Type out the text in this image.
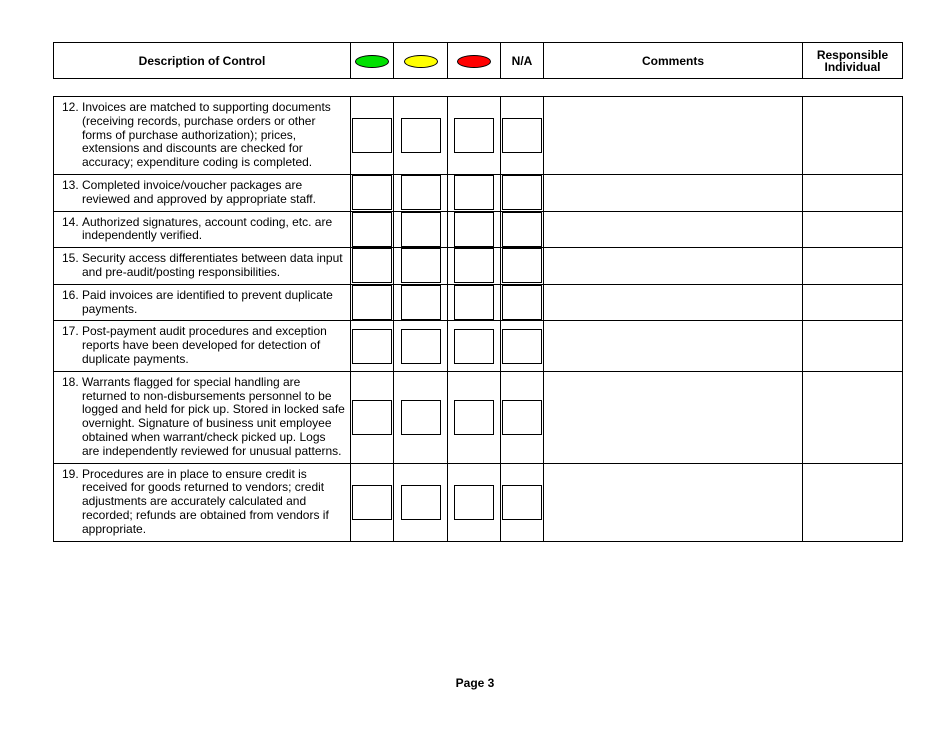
Description of Control				N/A	Comments	Responsible
Individual
12. Invoices are matched to supporting documents (receiving records, purchase orders or other forms of purchase authorization); prices, extensions and discounts are checked for accuracy; expenditure coding is completed.						

13. Completed invoice/voucher packages are reviewed and approved by appropriate staff.						

14. Authorized signatures, account coding, etc. are independently verified.						

15. Security access differentiates between data input and pre-audit/posting responsibilities.						

16. Paid invoices are identified to prevent duplicate payments.						

17. Post-payment audit procedures and exception reports have been developed for detection of duplicate payments.						

18. Warrants flagged for special handling are returned to non-disbursements personnel to be logged and held for pick up. Stored in locked safe overnight. Signature of business unit employee obtained when warrant/check picked up. Logs are independently reviewed for unusual patterns.						

19. Procedures are in place to ensure credit is received for goods returned to vendors; credit adjustments are accurately calculated and recorded; refunds are obtained from vendors if appropriate.						

Page 3
